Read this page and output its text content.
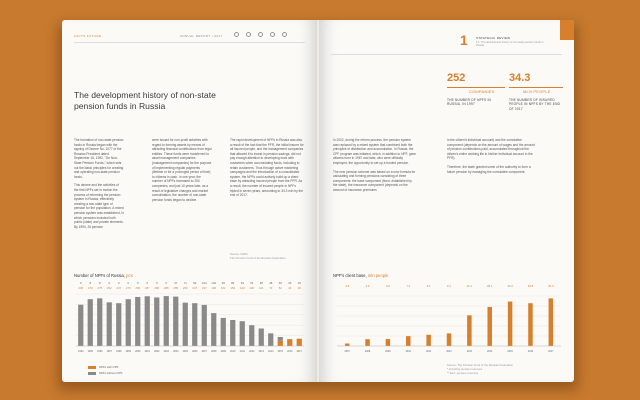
FACTS FUTURE	ANNUAL REPORT • 2017
The development history of non-state pension funds in Russia

The formation of non-state pension funds in Russia began with the signing of Decree No. 1077 of the Russian President dated September 16, 1992, "On Non-State Pension Funds," which sets out the basic principles for creating and operating non-state pension funds.

This decree and the activities of the first NPFs set in motion the process of reforming the pension system in Russia, effectively creating a non-state type of pension for the population. A mixed pension system was established, in which pensions included both public (state) and private elements. By 1994, 26 pension

were issued for non-profit activities with regard to forming assets by means of attracting financial contributions from legal entities. These funds were transferred to asset management companies (management companies) for the purpose of implementing regular payments (lifetime or for a prolonged period of time) to citizens in cash. In one year, the number of NPFs increased to 250 companies, and just 10 years later, as a result of legislative changes and market consolidation, the number of non-state pension funds began to decline.

The rapid development of NPFs in Russia was also a result of the fact that the PFR, the initial insurer for all insured people, and the management companies that allowed it to invest in pension savings, did not pay enough attention to developing work with customers when accumulating funds, including to retain customers. Thus through active marketing campaigns and the introduction of a consolidated system, the NPFs could actively build up a client base by attracting insured people from the PFR. As a result, the number of insured people in NPFs tripled in seven years, amounting to 34.3 mln by the end of 2017.

Source: NAPF
The Pension Fund of the Russian Federation
Number of NPFs of Russia, pcs
0
238
1994
8
270
1995
8
275
1996
0
252
1997
0
247
1998
0
270
1999
0
283
2000
0
287
2001
0
280
2002
0
288
2003
47
285
2004
71
250
2005
93
247
2006
104
237
2007
132
190
2008
93
162
2009
84
150
2010
63
143
2011
51
120
2012
48
101
2013
48
73
2014
40
52
2015
29
40
2016
29
36
2017
NPFs with OPS
NPFs without OPS
1	STRATEGIC REVIEW
1.1. The development history of non-state pension funds in Russia
252
COMPANIES
THE NUMBER OF NPFS IN RUSSIA, IN 1997
34.3
MLN PEOPLE
THE NUMBER OF INSURED PEOPLE IN NPFS BY THE END OF 2017

In 2002, during the reform process, the pension system was replaced by a mixed system that combined both the principles of distribution and accumulation. In Russia, the CPF program was initiated, which, in addition to NPF, gave citizens born in 1967 and later, who were officially employed, the opportunity to set up a funded pension.

The new pension scheme was based on a new formula for calculating and forming pensions consisting of three components: the base component (fixed, established by the state), the insurance component (depends on the amount of insurance premiums

in the citizen's individual account) and the cumulative component (depends on the amount of wages and the amount of pension contributions paid, accumulated throughout the citizen's entire working life in his/her individual account in the PFR).

Therefore, the state granted some of the authority to form a future pension by managing the cumulative component.

NPF's client base, mln people
4.8
2007
4.9
2008
5.0
2009
7.1
2010
8.1
2011
9.1
2012
22.1
2013
28.1
2014
32.0
2015
30.8
2016
34.3
2017
Source: The Pension Fund of the Russian Federation
* Including pension reserves
** Excl. pension reserves
